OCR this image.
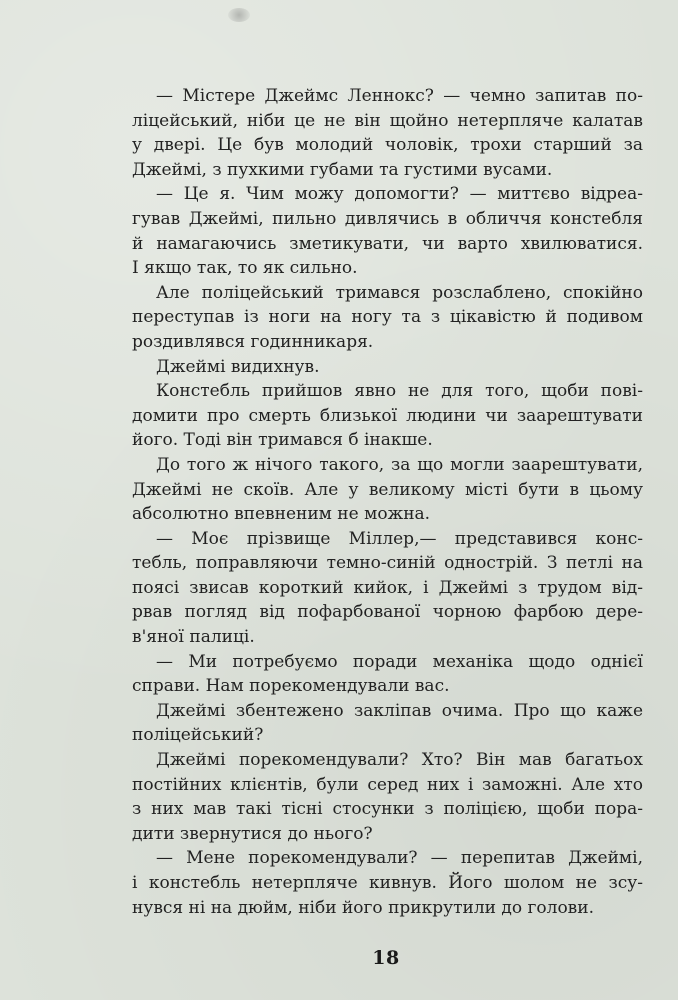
— Містере Джеймс Леннокс? — чемно запитав по-
ліцейський, ніби це не він щойно нетерпляче калатав
у двері. Це був молодий чоловік, трохи старший за
Джеймі, з пухкими губами та густими вусами.
— Це я. Чим можу допомогти? — миттєво відреа-
гував Джеймі, пильно дивлячись в обличчя констебля
й намагаючись зметикувати, чи варто хвилюватися.
І якщо так, то як сильно.
Але поліцейський тримався розслаблено, спокійно
переступав із ноги на ногу та з цікавістю й подивом
роздивлявся годинникаря.
Джеймі видихнув.
Констебль прийшов явно не для того, щоби пові-
домити про смерть близької людини чи заарештувати
його. Тоді він тримався б інакше.
До того ж нічого такого, за що могли заарештувати,
Джеймі не скоїв. Але у великому місті бути в цьому
абсолютно впевненим не можна.
— Моє прізвище Міллер,— представився конс-
тебль, поправляючи темно-синій однострій. З петлі на
поясі звисав короткий кийок, і Джеймі з трудом від-
рвав погляд від пофарбованої чорною фарбою дере-
в'яної палиці.
— Ми потребуємо поради механіка щодо однієї
справи. Нам порекомендували вас.
Джеймі збентежено закліпав очима. Про що каже
поліцейський?
Джеймі порекомендували? Хто? Він мав багатьох
постійних клієнтів, були серед них і заможні. Але хто
з них мав такі тісні стосунки з поліцією, щоби пора-
дити звернутися до нього?
— Мене порекомендували? — перепитав Джеймі,
і констебль нетерпляче кивнув. Його шолом не зсу-
нувся ні на дюйм, ніби його прикрутили до голови.
18
